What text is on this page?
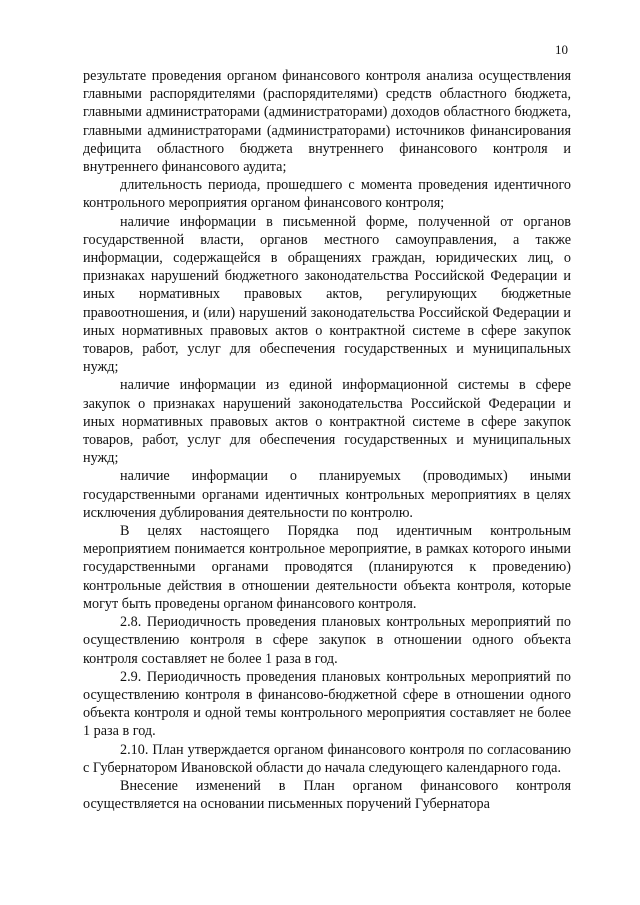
10

результате проведения органом финансового контроля анализа осуществления главными распорядителями (распорядителями) средств областного бюджета, главными администраторами (администраторами) доходов областного бюджета, главными администраторами (администраторами) источников финансирования дефицита областного бюджета внутреннего финансового контроля и внутреннего финансового аудита;

длительность периода, прошедшего с момента проведения идентичного контрольного мероприятия органом финансового контроля;

наличие информации в письменной форме, полученной от органов государственной власти, органов местного самоуправления, а также информации, содержащейся в обращениях граждан, юридических лиц, о признаках нарушений бюджетного законодательства Российской Федерации и иных нормативных правовых актов, регулирующих бюджетные правоотношения, и (или) нарушений законодательства Российской Федерации и иных нормативных правовых актов о контрактной системе в сфере закупок товаров, работ, услуг для обеспечения государственных и муниципальных нужд;

наличие информации из единой информационной системы в сфере закупок о признаках нарушений законодательства Российской Федерации и иных нормативных правовых актов о контрактной системе в сфере закупок товаров, работ, услуг для обеспечения государственных и муниципальных нужд;

наличие информации о планируемых (проводимых) иными государственными органами идентичных контрольных мероприятиях в целях исключения дублирования деятельности по контролю.

В целях настоящего Порядка под идентичным контрольным мероприятием понимается контрольное мероприятие, в рамках которого иными государственными органами проводятся (планируются к проведению) контрольные действия в отношении деятельности объекта контроля, которые могут быть проведены органом финансового контроля.

2.8. Периодичность проведения плановых контрольных мероприятий по осуществлению контроля в сфере закупок в отношении одного объекта контроля составляет не более 1 раза в год.

2.9. Периодичность проведения плановых контрольных мероприятий по осуществлению контроля в финансово-бюджетной сфере в отношении одного объекта контроля и одной темы контрольного мероприятия составляет не более 1 раза в год.

2.10. План утверждается органом финансового контроля по согласованию с Губернатором Ивановской области до начала следующего календарного года.

Внесение изменений в План органом финансового контроля осуществляется на основании письменных поручений Губернатора
